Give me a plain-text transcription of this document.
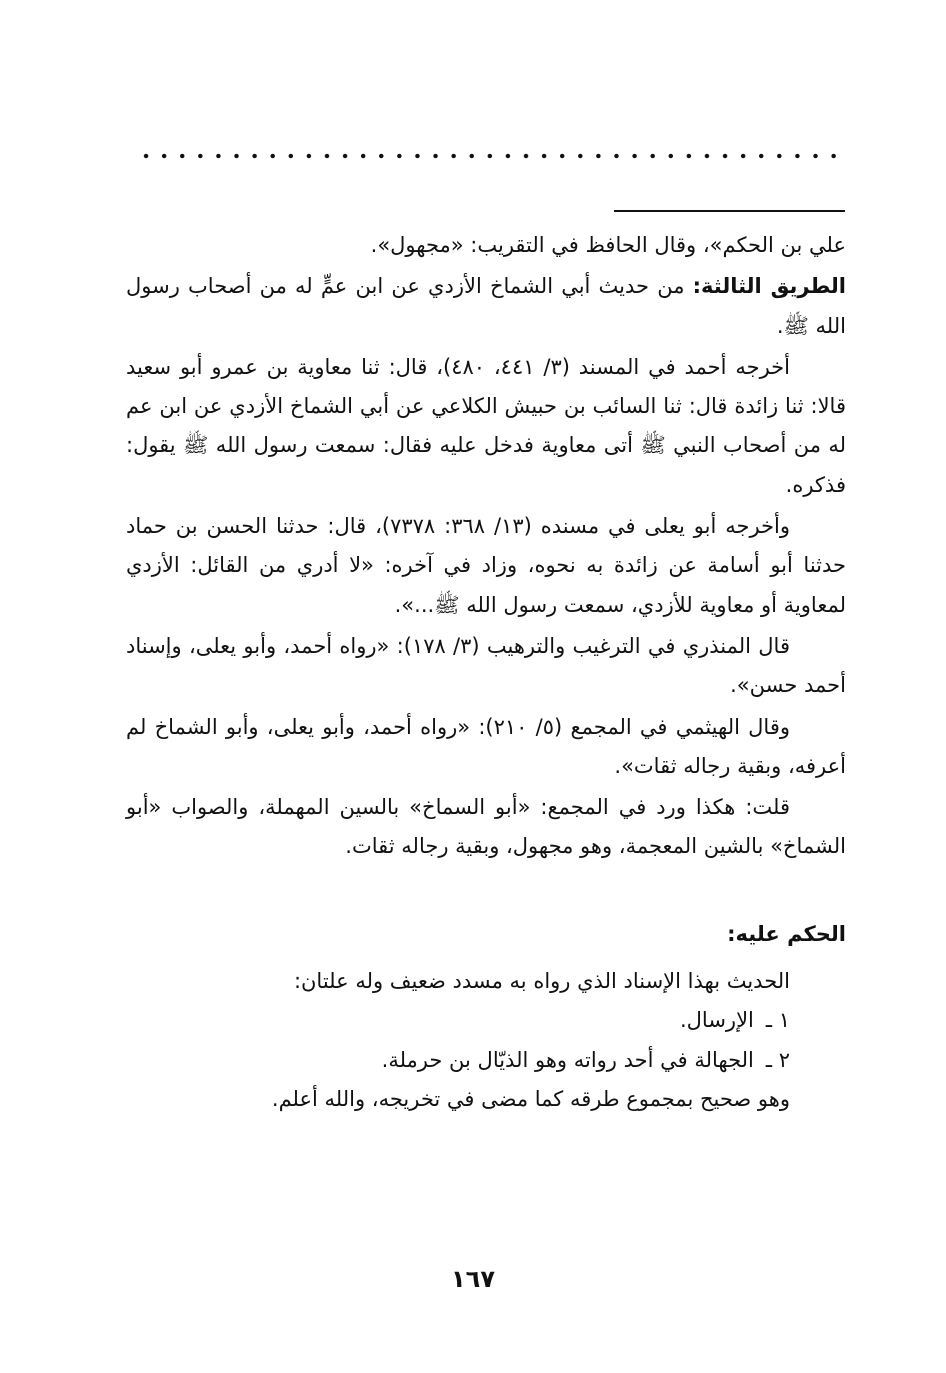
علي بن الحكم»، وقال الحافظ في التقريب: «مجهول».

الطريق الثالثة: من حديث أبي الشماخ الأزدي عن ابن عمٍّ له من أصحاب رسول الله ﷺ.

أخرجه أحمد في المسند (٣/ ٤٤١، ٤٨٠)، قال: ثنا معاوية بن عمرو أبو سعيد قالا: ثنا زائدة قال: ثنا السائب بن حبيش الكلاعي عن أبي الشماخ الأزدي عن ابن عم له من أصحاب النبي ﷺ أتى معاوية فدخل عليه فقال: سمعت رسول الله ﷺ يقول: فذكره.

وأخرجه أبو يعلى في مسنده (١٣/ ٣٦٨: ٧٣٧٨)، قال: حدثنا الحسن بن حماد حدثنا أبو أسامة عن زائدة به نحوه، وزاد في آخره: «لا أدري من القائل: الأزدي لمعاوية أو معاوية للأزدي، سمعت رسول الله ﷺ...».

قال المنذري في الترغيب والترهيب (٣/ ١٧٨): «رواه أحمد، وأبو يعلى، وإسناد أحمد حسن».

وقال الهيثمي في المجمع (٥/ ٢١٠): «رواه أحمد، وأبو يعلى، وأبو الشماخ لم أعرفه، وبقية رجاله ثقات».

قلت: هكذا ورد في المجمع: «أبو السماخ» بالسين المهملة، والصواب «أبو الشماخ» بالشين المعجمة، وهو مجهول، وبقية رجاله ثقات.

الحكم عليه:

الحديث بهذا الإسناد الذي رواه به مسدد ضعيف وله علتان:

١ ـالإرسال.

٢ ـالجهالة في أحد رواته وهو الذيّال بن حرملة.

وهو صحيح بمجموع طرقه كما مضى في تخريجه، والله أعلم.

١٦٧
